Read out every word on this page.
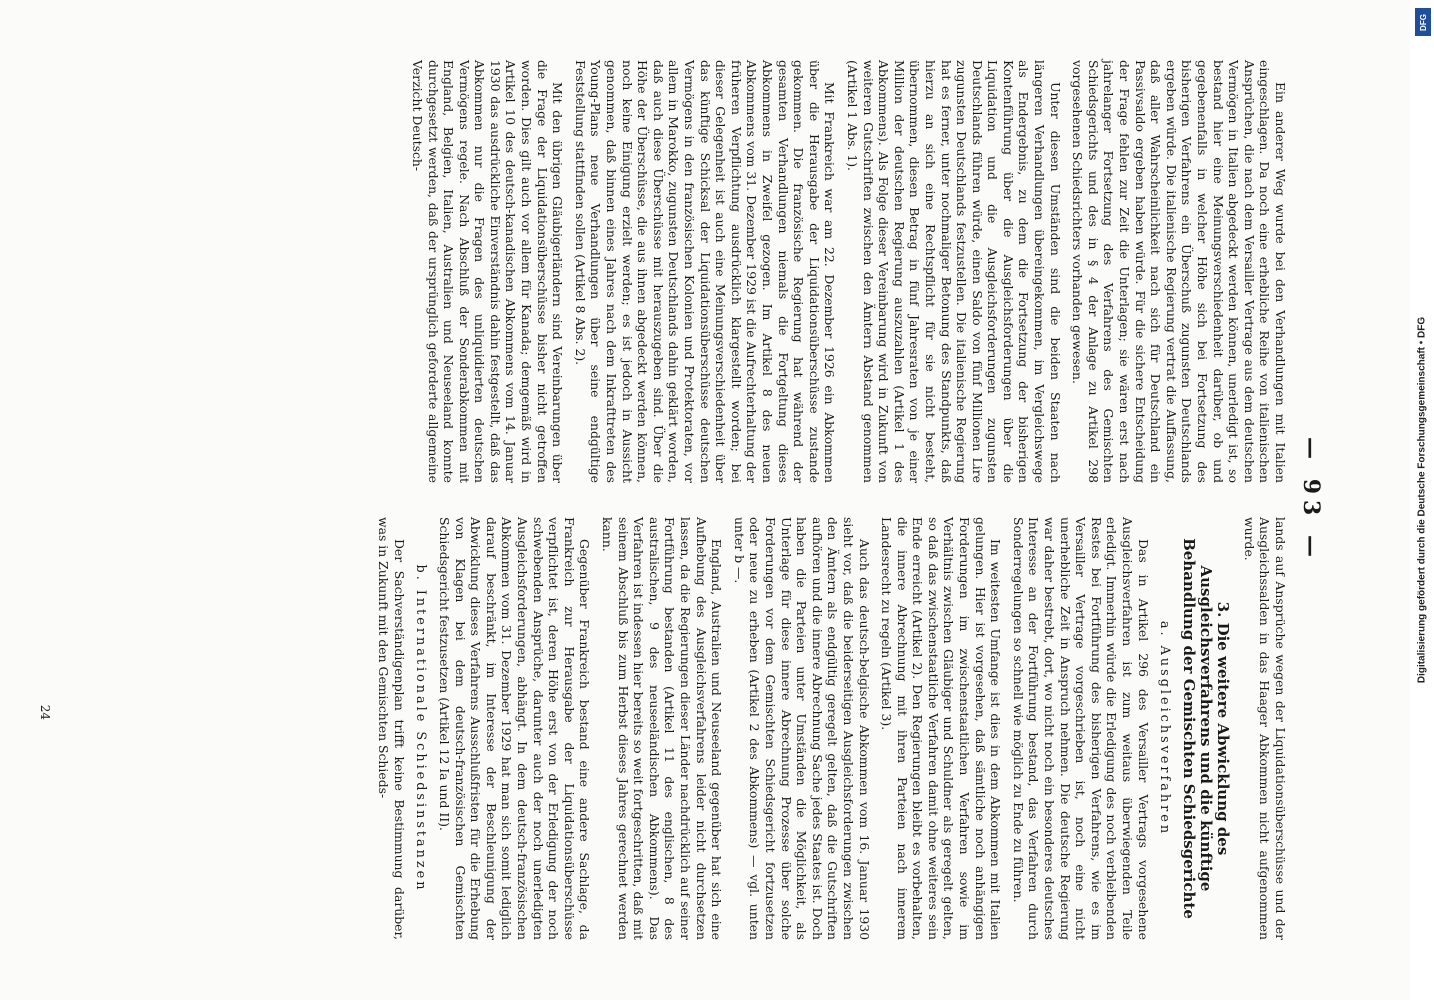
— 93 —

Ein anderer Weg wurde bei den Verhandlungen mit Italien eingeschlagen. Da noch eine erhebliche Reihe von italienischen Ansprüchen, die nach dem Versailler Vertrage aus dem deutschen Vermögen in Italien abgedeckt werden können, unerledigt ist, so bestand hier eine Meinungsverschiedenheit darüber, ob und gegebenenfalls in welcher Höhe sich bei Fortsetzung des bisherigen Verfahrens ein Überschuß zugunsten Deutschlands ergeben würde. Die italienische Regierung vertrat die Auffassung, daß aller Wahrscheinlichkeit nach sich für Deutschland ein Passivsaldo ergeben haben würde. Für die sichere Entscheidung der Frage fehlen zur Zeit die Unterlagen; sie wären erst nach jahrelanger Fortsetzung des Verfahrens des Gemischten Schiedsgerichts und des in § 4 der Anlage zu Artikel 298 vorgesehenen Schiedsrichters vorhanden gewesen.

Unter diesen Umständen sind die beiden Staaten nach längeren Verhandlungen übereingekommen, im Vergleichswege als Endergebnis, zu dem die Fortsetzung der bisherigen Kontenführung über die Ausgleichsforderungen über die Liquidation und die Ausgleichsforderungen zugunsten Deutschlands führen würde, einen Saldo von fünf Millionen Lire zugunsten Deutschlands festzustellen. Die italienische Regierung hat es ferner, unter nochmaliger Betonung des Standpunkts, daß hierzu an sich eine Rechtspflicht für sie nicht besteht, übernommen, diesen Betrag in fünf Jahresraten von je einer Million der deutschen Regierung auszuzahlen (Artikel 1 des Abkommens). Als Folge dieser Vereinbarung wird in Zukunft von weiteren Gutschriften zwischen den Ämtern Abstand genommen (Artikel 1 Abs. 1).

Mit Frankreich war am 22. Dezember 1926 ein Abkommen über die Herausgabe der Liquidationsüberschüsse zustande gekommen. Die französische Regierung hat während der gesamten Verhandlungen niemals die Fortgeltung dieses Abkommens in Zweifel gezogen. Im Artikel 8 des neuen Abkommens vom 31. Dezember 1929 ist die Aufrechterhaltung der früheren Verpflichtung ausdrücklich klargestellt worden; bei dieser Gelegenheit ist auch eine Meinungsverschiedenheit über das künftige Schicksal der Liquidationsüberschüsse deutschen Vermögens in den französischen Kolonien und Protektoraten, vor allem in Marokko, zugunsten Deutschlands dahin geklärt worden, daß auch diese Überschüsse mit herauszugeben sind. Über die Höhe der Überschüsse, die aus ihnen abgedeckt werden können, noch keine Einigung erzielt werden; es ist jedoch in Aussicht genommen, daß binnen eines Jahres nach dem Inkrafttreten des Young-Plans neue Verhandlungen über seine endgültige Feststellung stattfinden sollen (Artikel 8 Abs. 2).

Mit den übrigen Gläubigerländern sind Vereinbarungen über die Frage der Liquidationsüberschüsse bisher nicht getroffen worden. Dies gilt auch vor allem für Kanada; demgemäß wird in Artikel 10 des deutsch-kanadischen Abkommens vom 14. Januar 1930 das ausdrückliche Einverständnis dahin festgestellt, daß das Abkommen nur die Fragen des unliquidierten deutschen Vermögens regele. Nach Abschluß der Sonderabkommen mit England, Belgien, Italien, Australien und Neuseeland konnte durchgesetzt werden, daß der ursprünglich geforderte allgemeine Verzicht Deutsch-

lands auf Ansprüche wegen der Liquidationsüberschüsse und der Ausgleichssalden in das Haager Abkommen nicht aufgenommen wurde.

3. Die weitere Abwicklung des Ausgleichsverfahrens und die künftige Behandlung der Gemischten Schiedsgerichte
a. Ausgleichsverfahren

Das in Artikel 296 des Versailler Vertrags vorgesehene Ausgleichsverfahren ist zum weitaus überwiegenden Teile erledigt. Immerhin würde die Erledigung des noch verbleibenden Restes bei Fortführung des bisherigen Verfahrens, wie es im Versailler Vertrage vorgeschrieben ist, noch eine nicht unerhebliche Zeit in Anspruch nehmen. Die deutsche Regierung war daher bestrebt, dort, wo nicht noch ein besonderes deutsches Interesse an der Fortführung bestand, das Verfahren durch Sonderregelungen so schnell wie möglich zu Ende zu führen.

Im weitesten Umfange ist dies in dem Abkommen mit Italien gelungen. Hier ist vorgesehen, daß sämtliche noch anhängigen Forderungen im zwischenstaatlichen Verfahren sowie im Verhältnis zwischen Gläubiger und Schuldner als geregelt gelten, so daß das zwischenstaatliche Verfahren damit ohne weiteres sein Ende erreicht (Artikel 2). Den Regierungen bleibt es vorbehalten, die innere Abrechnung mit ihren Parteien nach innerem Landesrecht zu regeln (Artikel 3).

Auch das deutsch-belgische Abkommen vom 16. Januar 1930 sieht vor, daß die beiderseitigen Ausgleichsforderungen zwischen den Ämtern als endgültig geregelt gelten, daß die Gutschriften aufhören und die innere Abrechnung Sache jedes Staates ist. Doch haben die Parteien unter Umständen die Möglichkeit, als Unterlage für diese innere Abrechnung Prozesse über solche Forderungen vor dem Gemischten Schiedsgericht fortzusetzen oder neue zu erheben (Artikel 2 des Abkommens) — vgl. unten unter b —.

England, Australien und Neuseeland gegenüber hat sich eine Aufhebung des Ausgleichsverfahrens leider nicht durchsetzen lassen, da die Regierungen dieser Länder nachdrücklich auf seiner Fortführung bestanden (Artikel 11 des englischen, 8 des australischen, 9 des neuseeländischen Abkommens). Das Verfahren ist indessen hier bereits so weit fortgeschritten, daß mit seinem Abschluß bis zum Herbst dieses Jahres gerechnet werden kann.

Gegenüber Frankreich bestand eine andere Sachlage, da Frankreich zur Herausgabe der Liquidationsüberschüsse verpflichtet ist, deren Höhe erst von der Erledigung der noch schwebenden Ansprüche, darunter auch der noch unerledigten Ausgleichsforderungen, abhängt. In dem deutsch-französischen Abkommen vom 31. Dezember 1929 hat man sich somit lediglich darauf beschränkt, im Interesse der Beschleunigung der Abwicklung dieses Verfahrens Ausschlußfristen für die Erhebung von Klagen bei dem deutsch-französischen Gemischten Schiedsgericht festzusetzen (Artikel 12 Ia und II).

b. Internationale Schiedsinstanzen

Der Sachverständigenplan trifft keine Bestimmung darüber, was in Zukunft mit den Gemischten Schieds-

24
DFG
Digitalisierung gefördert durch die Deutsche Forschungsgemeinschaft • DFG
